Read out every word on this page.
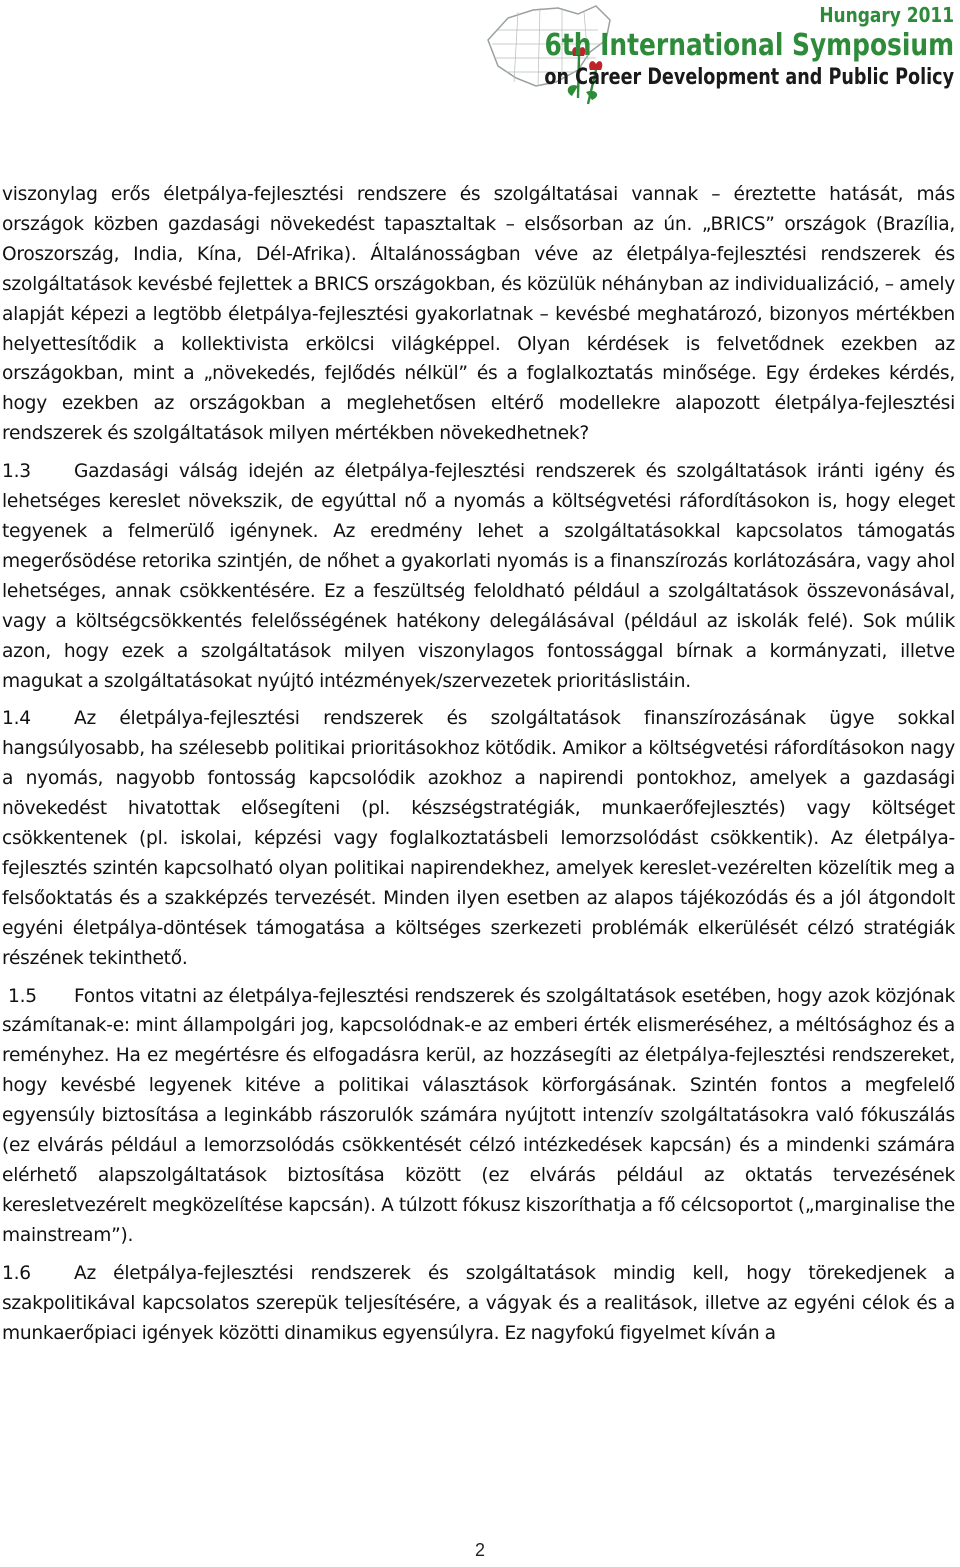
Hungary 2011
6th International Symposium
on Career Development and Public Policy

viszonylag erős életpálya-fejlesztési rendszere és szolgáltatásai vannak – éreztette hatását, más országok közben gazdasági növekedést tapasztaltak – elsősorban az ún. „BRICS” országok (Brazília, Oroszország, India, Kína, Dél-Afrika). Általánosságban véve az életpálya-fejlesztési rendszerek és szolgáltatások kevésbé fejlettek a BRICS országokban, és közülük néhányban az individualizáció, – amely alapját képezi a legtöbb életpálya-fejlesztési gyakorlatnak – kevésbé meghatározó, bizonyos mértékben helyettesítődik a kollektivista erkölcsi világképpel. Olyan kérdések is felvetődnek ezekben az országokban, mint a „növekedés, fejlődés nélkül” és a foglalkoztatás minősége. Egy érdekes kérdés, hogy ezekben az országokban a meglehetősen eltérő modellekre alapozott életpálya-fejlesztési rendszerek és szolgáltatások milyen mértékben növekedhetnek?

1.3 Gazdasági válság idején az életpálya-fejlesztési rendszerek és szolgáltatások iránti igény és lehetséges kereslet növekszik, de egyúttal nő a nyomás a költségvetési ráfordításokon is, hogy eleget tegyenek a felmerülő igénynek. Az eredmény lehet a szolgáltatásokkal kapcsolatos támogatás megerősödése retorika szintjén, de nőhet a gyakorlati nyomás is a finanszírozás korlátozására, vagy ahol lehetséges, annak csökkentésére. Ez a feszültség feloldható például a szolgáltatások összevonásával, vagy a költségcsökkentés felelősségének hatékony delegálásával (például az iskolák felé). Sok múlik azon, hogy ezek a szolgáltatások milyen viszonylagos fontossággal bírnak a kormányzati, illetve magukat a szolgáltatásokat nyújtó intézmények/szervezetek prioritáslistáin.

1.4 Az életpálya-fejlesztési rendszerek és szolgáltatások finanszírozásának ügye sokkal hangsúlyosabb, ha szélesebb politikai prioritásokhoz kötődik. Amikor a költségvetési ráfordításokon nagy a nyomás, nagyobb fontosság kapcsolódik azokhoz a napirendi pontokhoz, amelyek a gazdasági növekedést hivatottak elősegíteni (pl. készségstratégiák, munkaerőfejlesztés) vagy költséget csökkentenek (pl. iskolai, képzési vagy foglalkoztatásbeli lemorzsolódást csökkentik). Az életpálya-fejlesztés szintén kapcsolható olyan politikai napirendekhez, amelyek kereslet-vezérelten közelítik meg a felsőoktatás és a szakképzés tervezését. Minden ilyen esetben az alapos tájékozódás és a jól átgondolt egyéni életpálya-döntések támogatása a költséges szerkezeti problémák elkerülését célzó stratégiák részének tekinthető.

1.5 Fontos vitatni az életpálya-fejlesztési rendszerek és szolgáltatások esetében, hogy azok közjónak számítanak-e: mint állampolgári jog, kapcsolódnak-e az emberi érték elismeréséhez, a méltósághoz és a reményhez. Ha ez megértésre és elfogadásra kerül, az hozzásegíti az életpálya-fejlesztési rendszereket, hogy kevésbé legyenek kitéve a politikai választások körforgásának. Szintén fontos a megfelelő egyensúly biztosítása a leginkább rászorulók számára nyújtott intenzív szolgáltatásokra való fókuszálás (ez elvárás például a lemorzsolódás csökkentését célzó intézkedések kapcsán) és a mindenki számára elérhető alapszolgáltatások biztosítása között (ez elvárás például az oktatás tervezésének keresletvezérelt megközelítése kapcsán). A túlzott fókusz kiszoríthatja a fő célcsoportot („marginalise the mainstream”).

1.6 Az életpálya-fejlesztési rendszerek és szolgáltatások mindig kell, hogy törekedjenek a szakpolitikával kapcsolatos szerepük teljesítésére, a vágyak és a realitások, illetve az egyéni célok és a munkaerőpiaci igények közötti dinamikus egyensúlyra. Ez nagyfokú figyelmet kíván a

2
